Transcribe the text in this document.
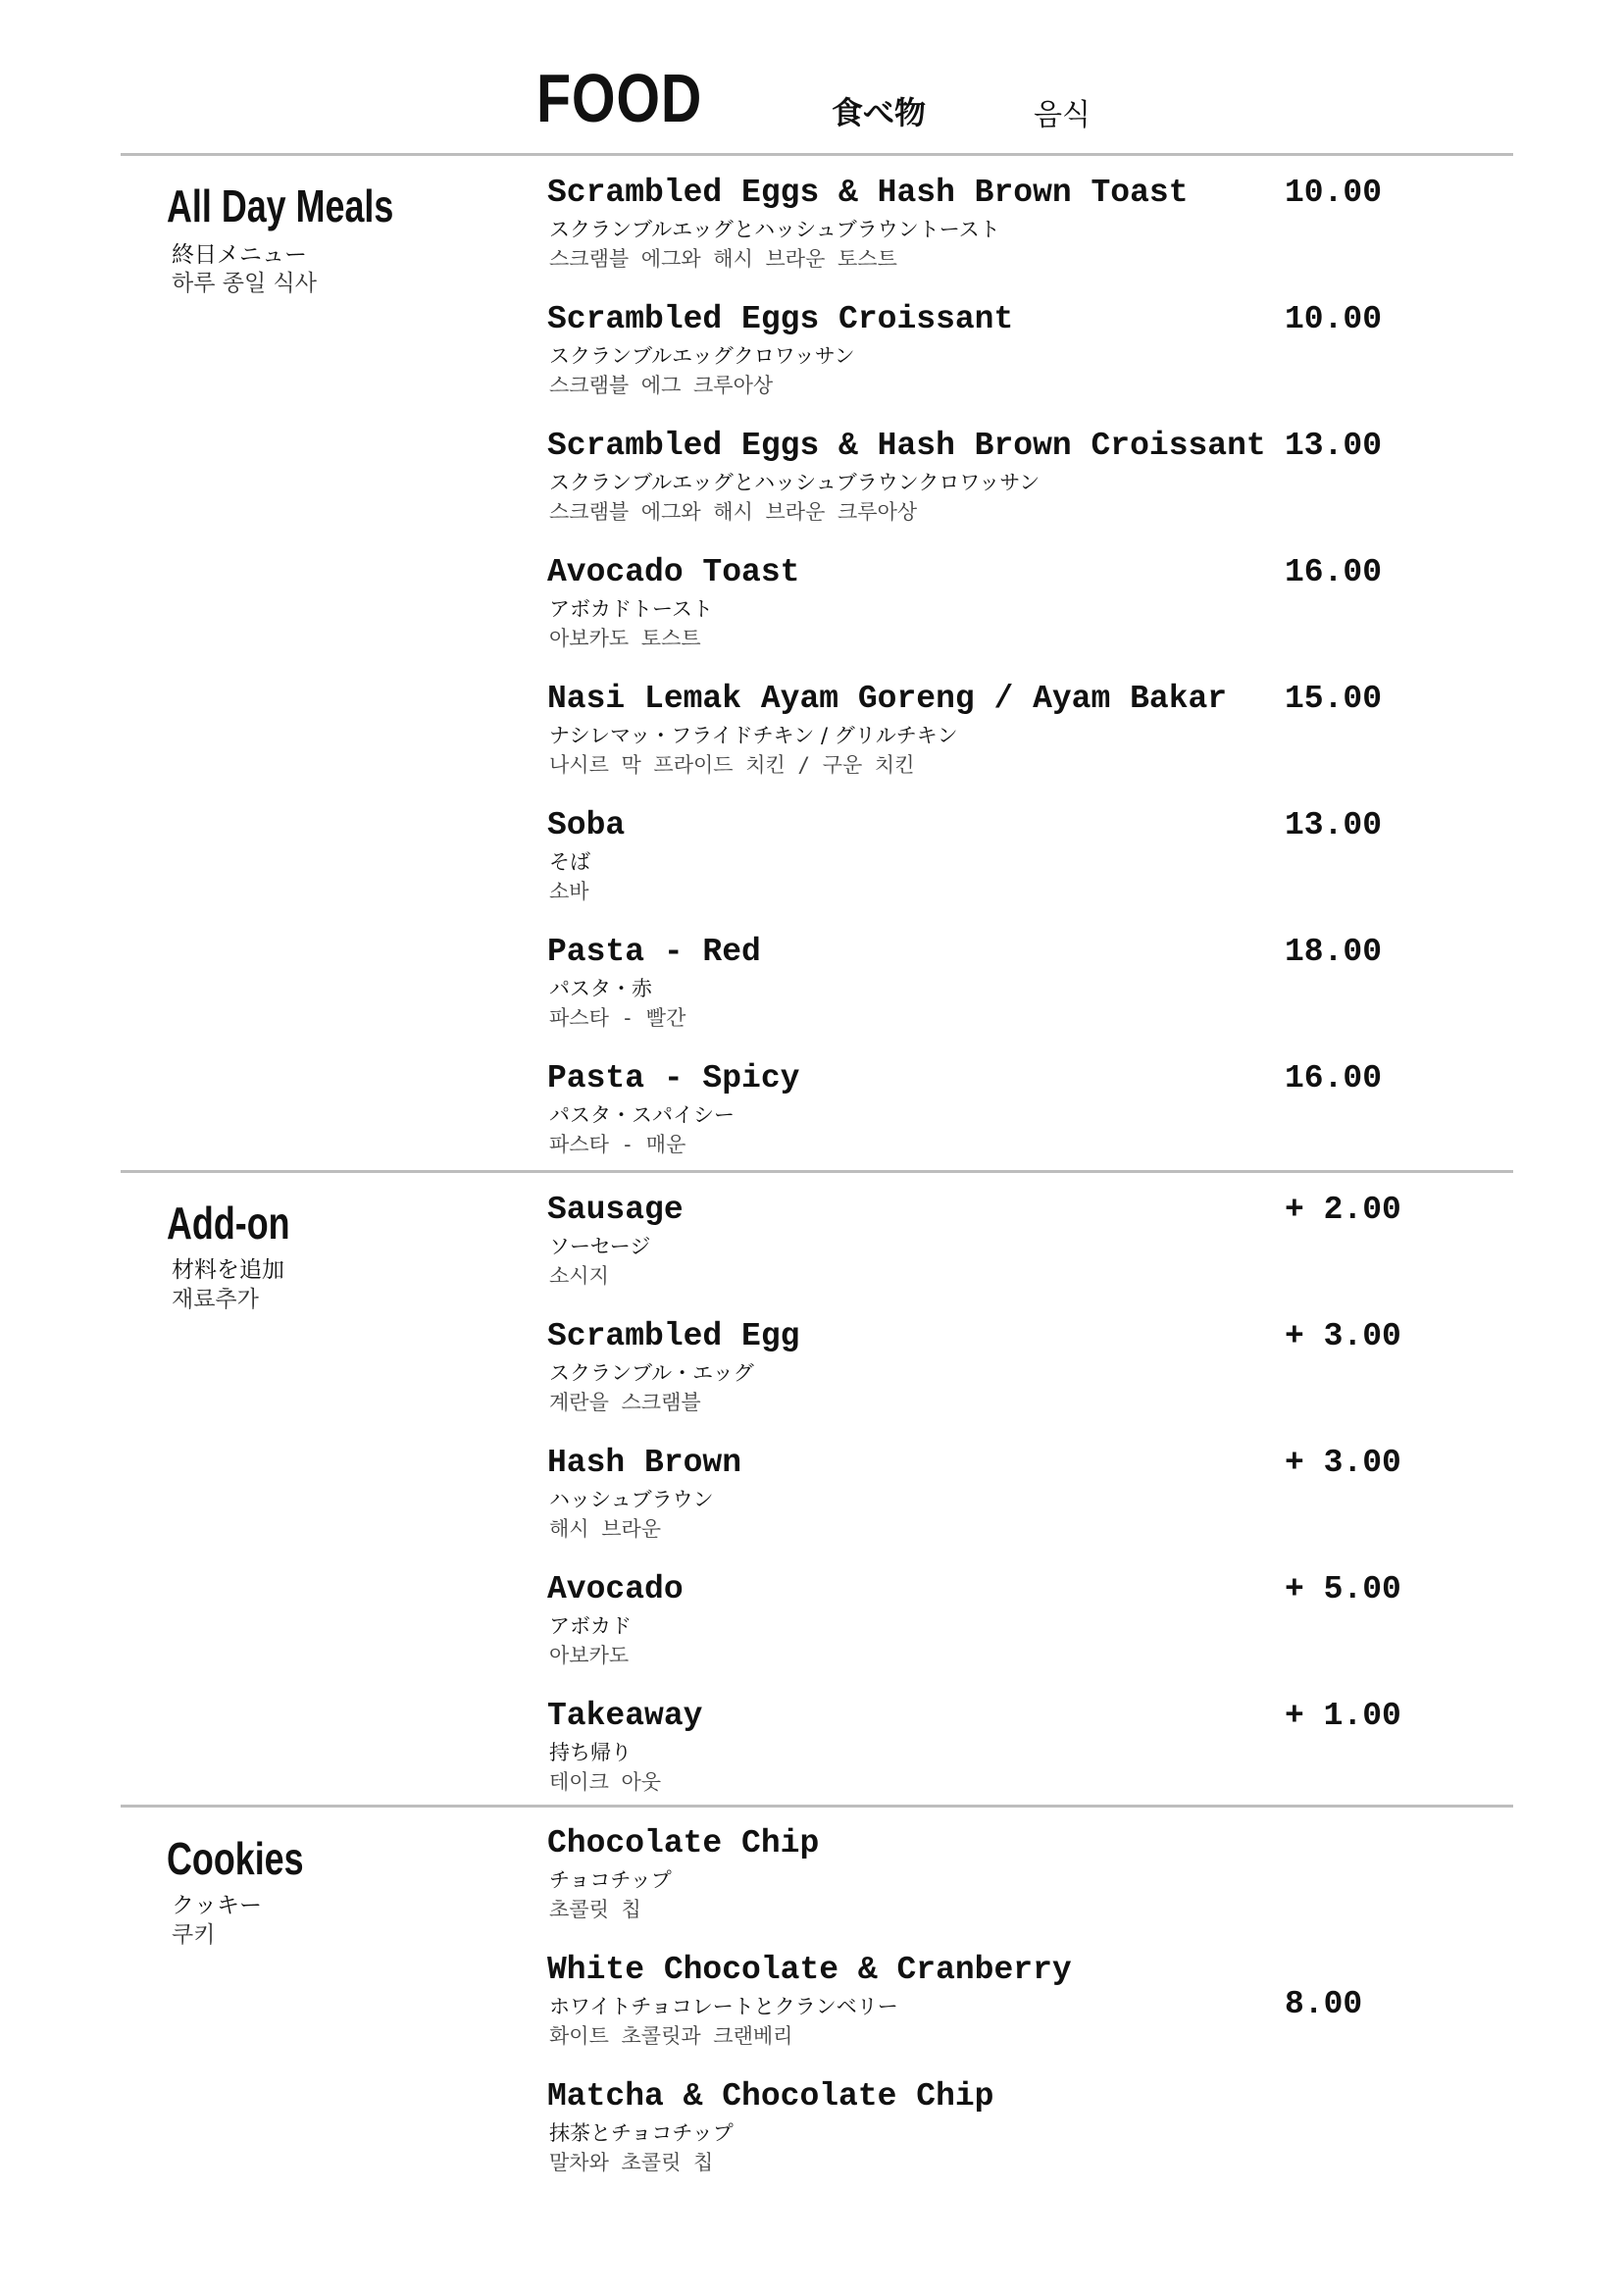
FOOD	食べ物	음식
All Day Meals
終日メニュー
하루 종일 식사
Scrambled Eggs & Hash Brown Toast
スクランブルエッグとハッシュブラウントースト
스크램블 에그와 해시 브라운 토스트
10.00
Scrambled Eggs Croissant
スクランブルエッグクロワッサン
스크램블 에그 크루아상
10.00
Scrambled Eggs & Hash Brown Croissant
スクランブルエッグとハッシュブラウンクロワッサン
스크램블 에그와 해시 브라운 크루아상
13.00
Avocado Toast
アボカドトースト
아보카도 토스트
16.00
Nasi Lemak Ayam Goreng / Ayam Bakar
ナシレマッ・フライドチキン / グリルチキン
나시르 막 프라이드 치킨 / 구운 치킨
15.00
Soba
そば
소바
13.00
Pasta - Red
パスタ・赤
파스타 - 빨간
18.00
Pasta - Spicy
パスタ・スパイシー
파스타 - 매운
16.00
Add-on
材料を追加
재료추가
Sausage
ソーセージ
소시지
+ 2.00
Scrambled Egg
スクランブル・エッグ
계란을 스크램블
+ 3.00
Hash Brown
ハッシュブラウン
해시 브라운
+ 3.00
Avocado
アボカド
아보카도
+ 5.00
Takeaway
持ち帰り
테이크 아웃
+ 1.00
Cookies
クッキー
쿠키
Chocolate Chip
チョコチップ
초콜릿 칩
White Chocolate & Cranberry
ホワイトチョコレートとクランベリー
화이트 초콜릿과 크랜베리
8.00
Matcha & Chocolate Chip
抹茶とチョコチップ
말차와 초콜릿 칩
